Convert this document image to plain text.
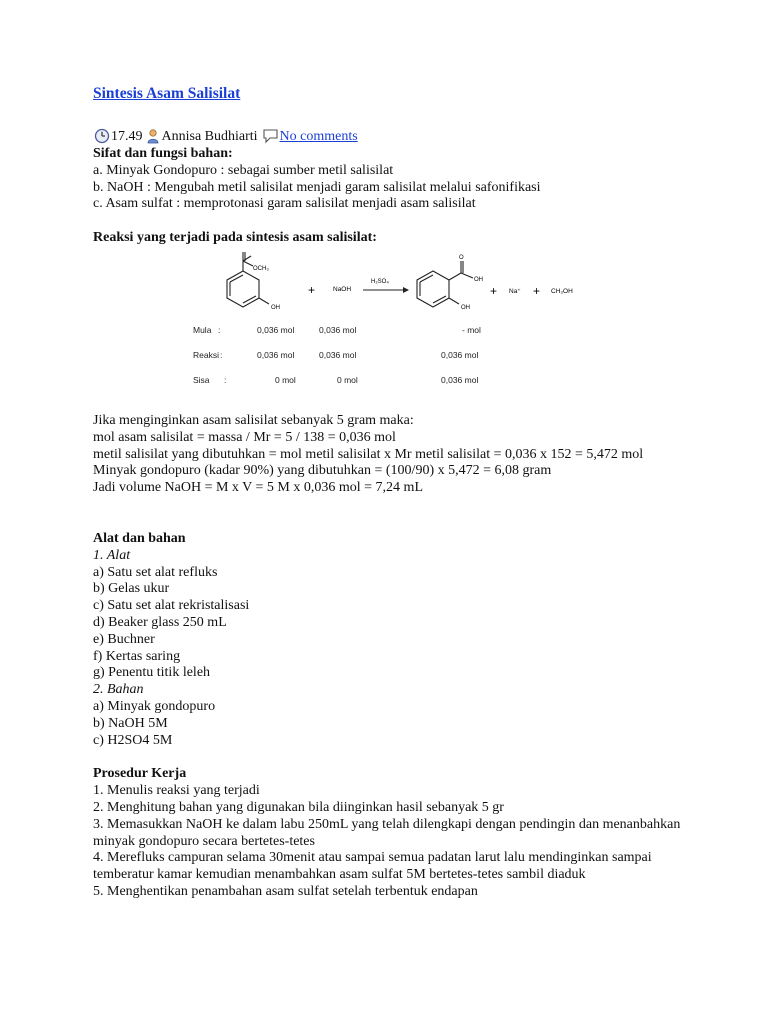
Sintesis Asam Salisilat
17.49 Annisa Budhiarti No comments
Sifat dan fungsi bahan:
a. Minyak Gondopuro : sebagai sumber metil salisilat
b. NaOH : Mengubah metil salisilat menjadi garam salisilat melalui safonifikasi
c. Asam sulfat : memprotonasi garam salisilat menjadi asam salisilat
Reaksi yang terjadi pada sintesis asam salisilat:
OCH₃
OH
+	NaOH
H₂SO₄
O
OH
OH
+ Na⁺ + CH₃OH
Mula :	0,036 mol	0,036 mol	- mol
Reaksi :	0,036 mol	0,036 mol	0,036 mol
Sisa :	0 mol	0 mol	0,036 mol
Jika menginginkan asam salisilat sebanyak 5 gram maka:
mol asam salisilat = massa / Mr = 5 / 138 = 0,036 mol
metil salisilat yang dibutuhkan = mol metil salisilat x Mr metil salisilat = 0,036 x 152 = 5,472 mol
Minyak gondopuro (kadar 90%) yang dibutuhkan = (100/90) x 5,472 = 6,08 gram
Jadi volume NaOH = M x V = 5 M x 0,036 mol = 7,24 mL
Alat dan bahan
1. Alat
a) Satu set alat refluks
b) Gelas ukur
c) Satu set alat rekristalisasi
d) Beaker glass 250 mL
e) Buchner
f) Kertas saring
g) Penentu titik leleh
2. Bahan
a) Minyak gondopuro
b) NaOH 5M
c) H2SO4 5M
Prosedur Kerja
1. Menulis reaksi yang terjadi
2. Menghitung bahan yang digunakan bila diinginkan hasil sebanyak 5 gr
3. Memasukkan NaOH ke dalam labu 250mL yang telah dilengkapi dengan pendingin dan menanbahkan minyak gondopuro secara bertetes-tetes
4. Merefluks campuran selama 30menit atau sampai semua padatan larut lalu mendinginkan sampai temberatur kamar kemudian menambahkan asam sulfat 5M bertetes-tetes sambil diaduk
5. Menghentikan penambahan asam sulfat setelah terbentuk endapan
